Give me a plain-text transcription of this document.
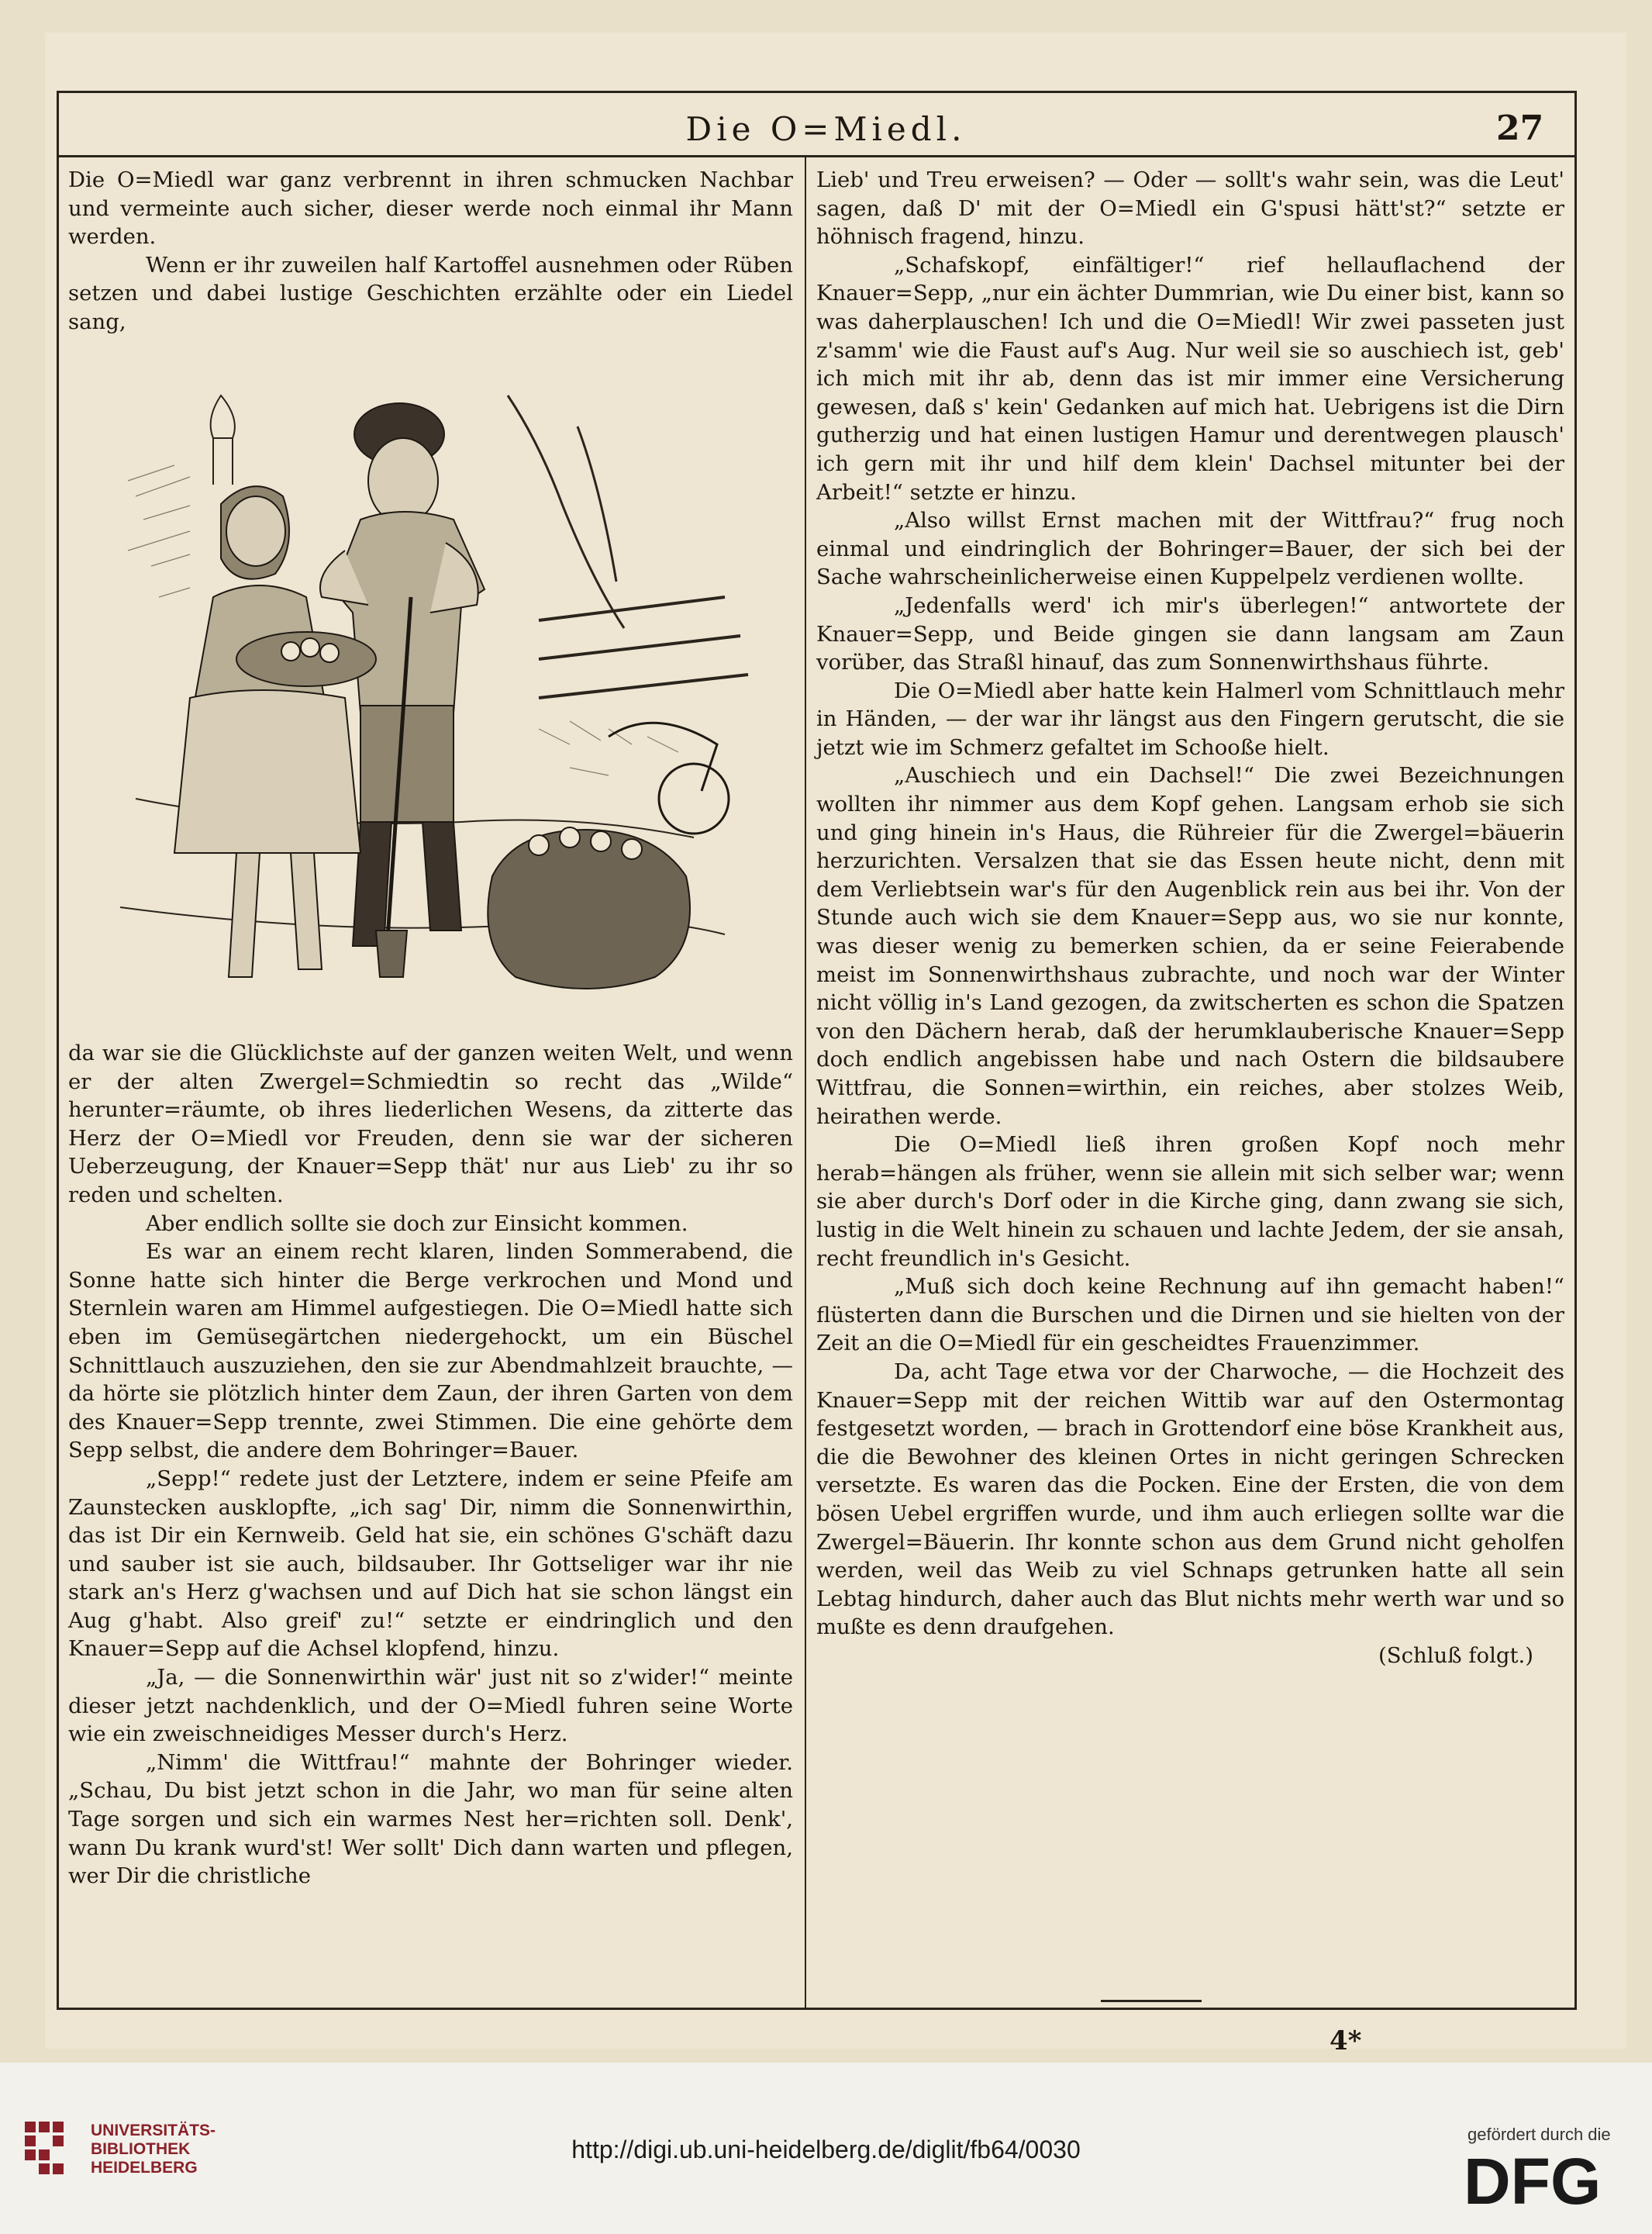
Die O=Miedl.	27

Die O=Miedl war ganz verbrennt in ihren schmucken Nachbar und vermeinte auch sicher, dieser werde noch einmal ihr Mann werden.

Wenn er ihr zuweilen half Kartoffel ausnehmen oder Rüben setzen und dabei lustige Geschichten erzählte oder ein Liedel sang,

da war sie die Glücklichste auf der ganzen weiten Welt, und wenn er der alten Zwergel=Schmiedtin so recht das „Wilde“ herunter=räumte, ob ihres liederlichen Wesens, da zitterte das Herz der O=Miedl vor Freuden, denn sie war der sicheren Ueberzeugung, der Knauer=Sepp thät' nur aus Lieb' zu ihr so reden und schelten.

Aber endlich sollte sie doch zur Einsicht kommen.

Es war an einem recht klaren, linden Sommerabend, die Sonne hatte sich hinter die Berge verkrochen und Mond und Sternlein waren am Himmel aufgestiegen. Die O=Miedl hatte sich eben im Gemüsegärtchen niedergehockt, um ein Büschel Schnittlauch auszuziehen, den sie zur Abendmahlzeit brauchte, — da hörte sie plötzlich hinter dem Zaun, der ihren Garten von dem des Knauer=Sepp trennte, zwei Stimmen. Die eine gehörte dem Sepp selbst, die andere dem Bohringer=Bauer.

„Sepp!“ redete just der Letztere, indem er seine Pfeife am Zaunstecken ausklopfte, „ich sag' Dir, nimm die Sonnenwirthin, das ist Dir ein Kernweib. Geld hat sie, ein schönes G'schäft dazu und sauber ist sie auch, bildsauber. Ihr Gottseliger war ihr nie stark an's Herz g'wachsen und auf Dich hat sie schon längst ein Aug g'habt. Also greif' zu!“ setzte er eindringlich und den Knauer=Sepp auf die Achsel klopfend, hinzu.

„Ja, — die Sonnenwirthin wär' just nit so z'wider!“ meinte dieser jetzt nachdenklich, und der O=Miedl fuhren seine Worte wie ein zweischneidiges Messer durch's Herz.

„Nimm' die Wittfrau!“ mahnte der Bohringer wieder. „Schau, Du bist jetzt schon in die Jahr, wo man für seine alten Tage sorgen und sich ein warmes Nest her=richten soll. Denk', wann Du krank wurd'st! Wer sollt' Dich dann warten und pflegen, wer Dir die christliche

Lieb' und Treu erweisen? — Oder — sollt's wahr sein, was die Leut' sagen, daß D' mit der O=Miedl ein G'spusi hätt'st?“ setzte er höhnisch fragend, hinzu.

„Schafskopf, einfältiger!“ rief hellauflachend der Knauer=Sepp, „nur ein ächter Dummrian, wie Du einer bist, kann so was daherplauschen! Ich und die O=Miedl! Wir zwei passeten just z'samm' wie die Faust auf's Aug. Nur weil sie so auschiech ist, geb' ich mich mit ihr ab, denn das ist mir immer eine Versicherung gewesen, daß s' kein' Gedanken auf mich hat. Uebrigens ist die Dirn gutherzig und hat einen lustigen Hamur und derentwegen plausch' ich gern mit ihr und hilf dem klein' Dachsel mitunter bei der Arbeit!“ setzte er hinzu.

„Also willst Ernst machen mit der Wittfrau?“ frug noch einmal und eindringlich der Bohringer=Bauer, der sich bei der Sache wahrscheinlicherweise einen Kuppelpelz verdienen wollte.

„Jedenfalls werd' ich mir's überlegen!“ antwortete der Knauer=Sepp, und Beide gingen sie dann langsam am Zaun vorüber, das Straßl hinauf, das zum Sonnenwirthshaus führte.

Die O=Miedl aber hatte kein Halmerl vom Schnittlauch mehr in Händen, — der war ihr längst aus den Fingern gerutscht, die sie jetzt wie im Schmerz gefaltet im Schooße hielt.

„Auschiech und ein Dachsel!“ Die zwei Bezeichnungen wollten ihr nimmer aus dem Kopf gehen. Langsam erhob sie sich und ging hinein in's Haus, die Rühreier für die Zwergel=bäuerin herzurichten. Versalzen that sie das Essen heute nicht, denn mit dem Verliebtsein war's für den Augenblick rein aus bei ihr. Von der Stunde auch wich sie dem Knauer=Sepp aus, wo sie nur konnte, was dieser wenig zu bemerken schien, da er seine Feierabende meist im Sonnenwirthshaus zubrachte, und noch war der Winter nicht völlig in's Land gezogen, da zwitscherten es schon die Spatzen von den Dächern herab, daß der herumklauberische Knauer=Sepp doch endlich angebissen habe und nach Ostern die bildsaubere Wittfrau, die Sonnen=wirthin, ein reiches, aber stolzes Weib, heirathen werde.

Die O=Miedl ließ ihren großen Kopf noch mehr herab=hängen als früher, wenn sie allein mit sich selber war; wenn sie aber durch's Dorf oder in die Kirche ging, dann zwang sie sich, lustig in die Welt hinein zu schauen und lachte Jedem, der sie ansah, recht freundlich in's Gesicht.

„Muß sich doch keine Rechnung auf ihn gemacht haben!“ flüsterten dann die Burschen und die Dirnen und sie hielten von der Zeit an die O=Miedl für ein gescheidtes Frauenzimmer.

Da, acht Tage etwa vor der Charwoche, — die Hochzeit des Knauer=Sepp mit der reichen Wittib war auf den Ostermontag festgesetzt worden, — brach in Grottendorf eine böse Krankheit aus, die die Bewohner des kleinen Ortes in nicht geringen Schrecken versetzte. Es waren das die Pocken. Eine der Ersten, die von dem bösen Uebel ergriffen wurde, und ihm auch erliegen sollte war die Zwergel=Bäuerin. Ihr konnte schon aus dem Grund nicht geholfen werden, weil das Weib zu viel Schnaps getrunken hatte all sein Lebtag hindurch, daher auch das Blut nichts mehr werth war und so mußte es denn draufgehen.

(Schluß folgt.)

4*
UNIVERSITÄTS-
BIBLIOTHEK
HEIDELBERG
http://digi.ub.uni-heidelberg.de/diglit/fb64/0030
gefördert durch die
DFG
